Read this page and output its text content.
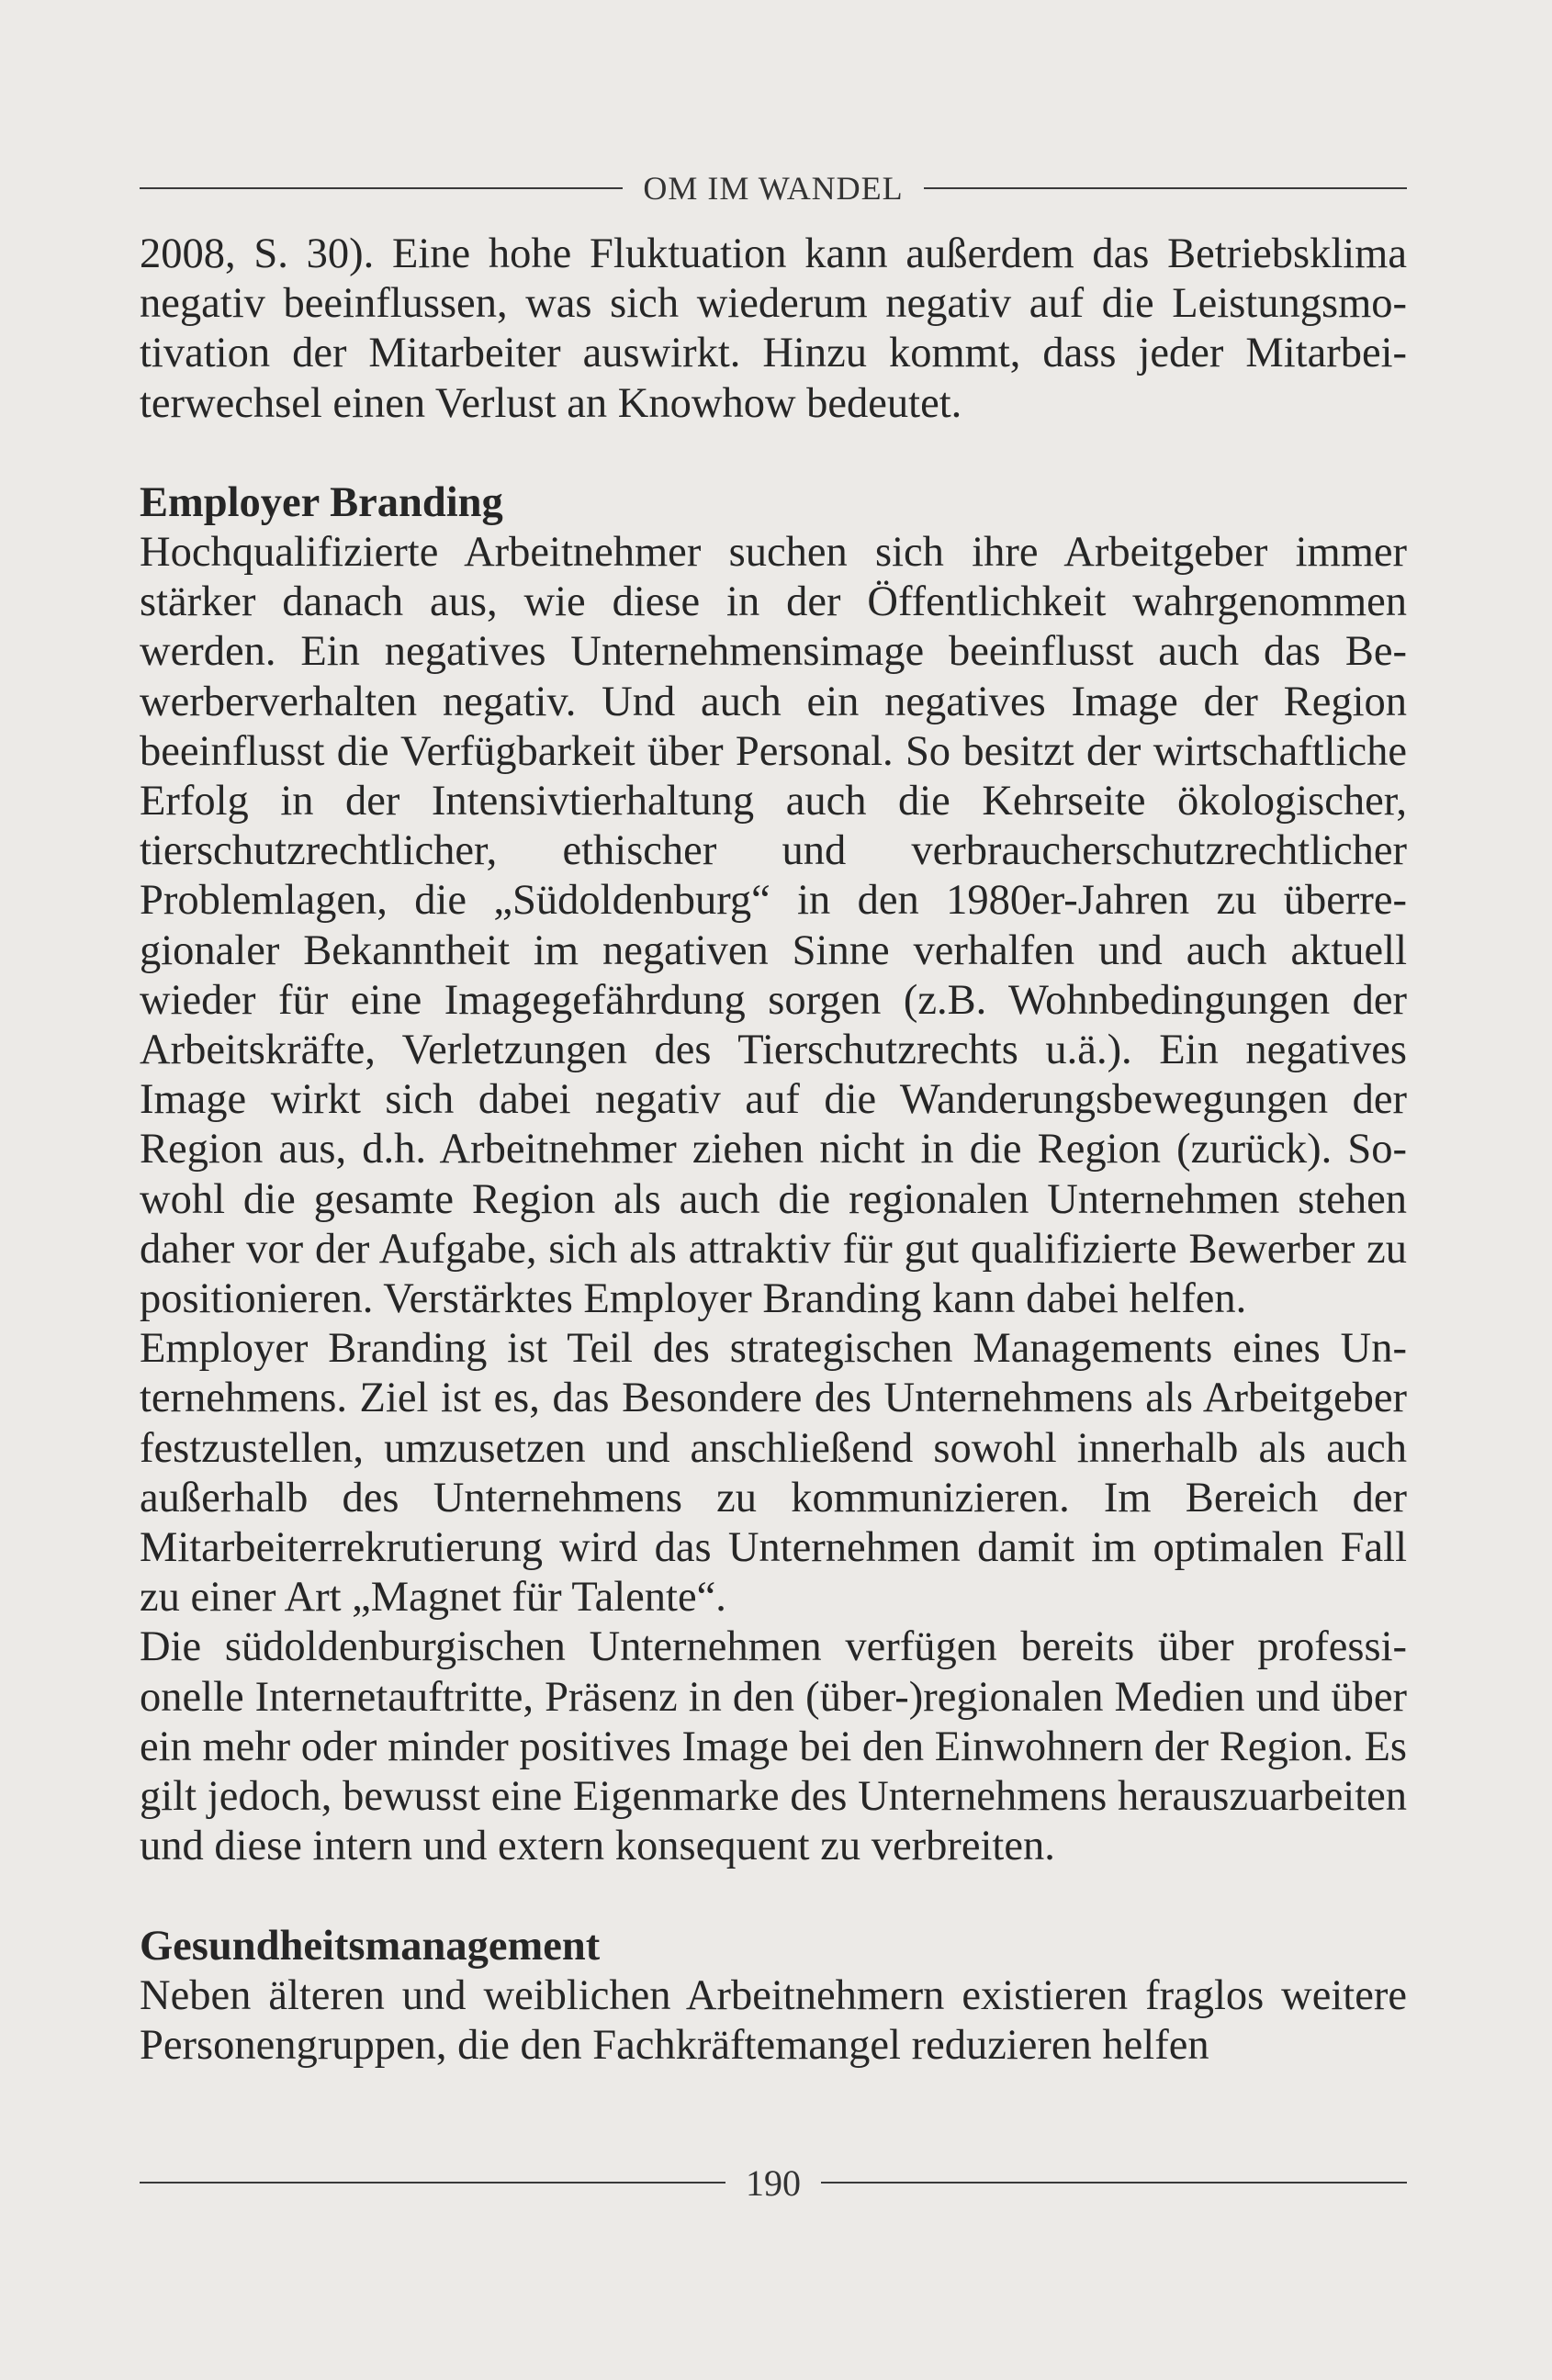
OM IM WANDEL

2008, S. 30). Eine hohe Fluktuation kann außerdem das Betriebsklima negativ beeinflussen, was sich wiederum negativ auf die Leistungsmotivation der Mitarbeiter auswirkt. Hinzu kommt, dass jeder Mitarbeiterwechsel einen Verlust an Knowhow bedeutet.

Employer Branding

Hochqualifizierte Arbeitnehmer suchen sich ihre Arbeitgeber immer stärker danach aus, wie diese in der Öffentlichkeit wahrgenommen werden. Ein negatives Unternehmensimage beeinflusst auch das Bewerberverhalten negativ. Und auch ein negatives Image der Region beeinflusst die Verfügbarkeit über Personal. So besitzt der wirtschaftliche Erfolg in der Intensivtierhaltung auch die Kehrseite ökologischer, tierschutzrechtlicher, ethischer und verbraucherschutzrechtlicher Problemlagen, die „Südoldenburg“ in den 1980er-Jahren zu überregionaler Bekanntheit im negativen Sinne verhalfen und auch aktuell wieder für eine Imagegefährdung sorgen (z.B. Wohnbedingungen der Arbeitskräfte, Verletzungen des Tierschutzrechts u.ä.). Ein negatives Image wirkt sich dabei negativ auf die Wanderungsbewegungen der Region aus, d.h. Arbeitnehmer ziehen nicht in die Region (zurück). Sowohl die gesamte Region als auch die regionalen Unternehmen stehen daher vor der Aufgabe, sich als attraktiv für gut qualifizierte Bewerber zu positionieren. Verstärktes Employer Branding kann dabei helfen.

Employer Branding ist Teil des strategischen Managements eines Unternehmens. Ziel ist es, das Besondere des Unternehmens als Arbeitgeber festzustellen, umzusetzen und anschließend sowohl innerhalb als auch außerhalb des Unternehmens zu kommunizieren. Im Bereich der Mitarbeiterrekrutierung wird das Unternehmen damit im optimalen Fall zu einer Art „Magnet für Talente“.

Die südoldenburgischen Unternehmen verfügen bereits über professionelle Internetauftritte, Präsenz in den (über-)regionalen Medien und über ein mehr oder minder positives Image bei den Einwohnern der Region. Es gilt jedoch, bewusst eine Eigenmarke des Unternehmens herauszuarbeiten und diese intern und extern konsequent zu verbreiten.

Gesundheitsmanagement

Neben älteren und weiblichen Arbeitnehmern existieren fraglos weitere Personengruppen, die den Fachkräftemangel reduzieren helfen

190
